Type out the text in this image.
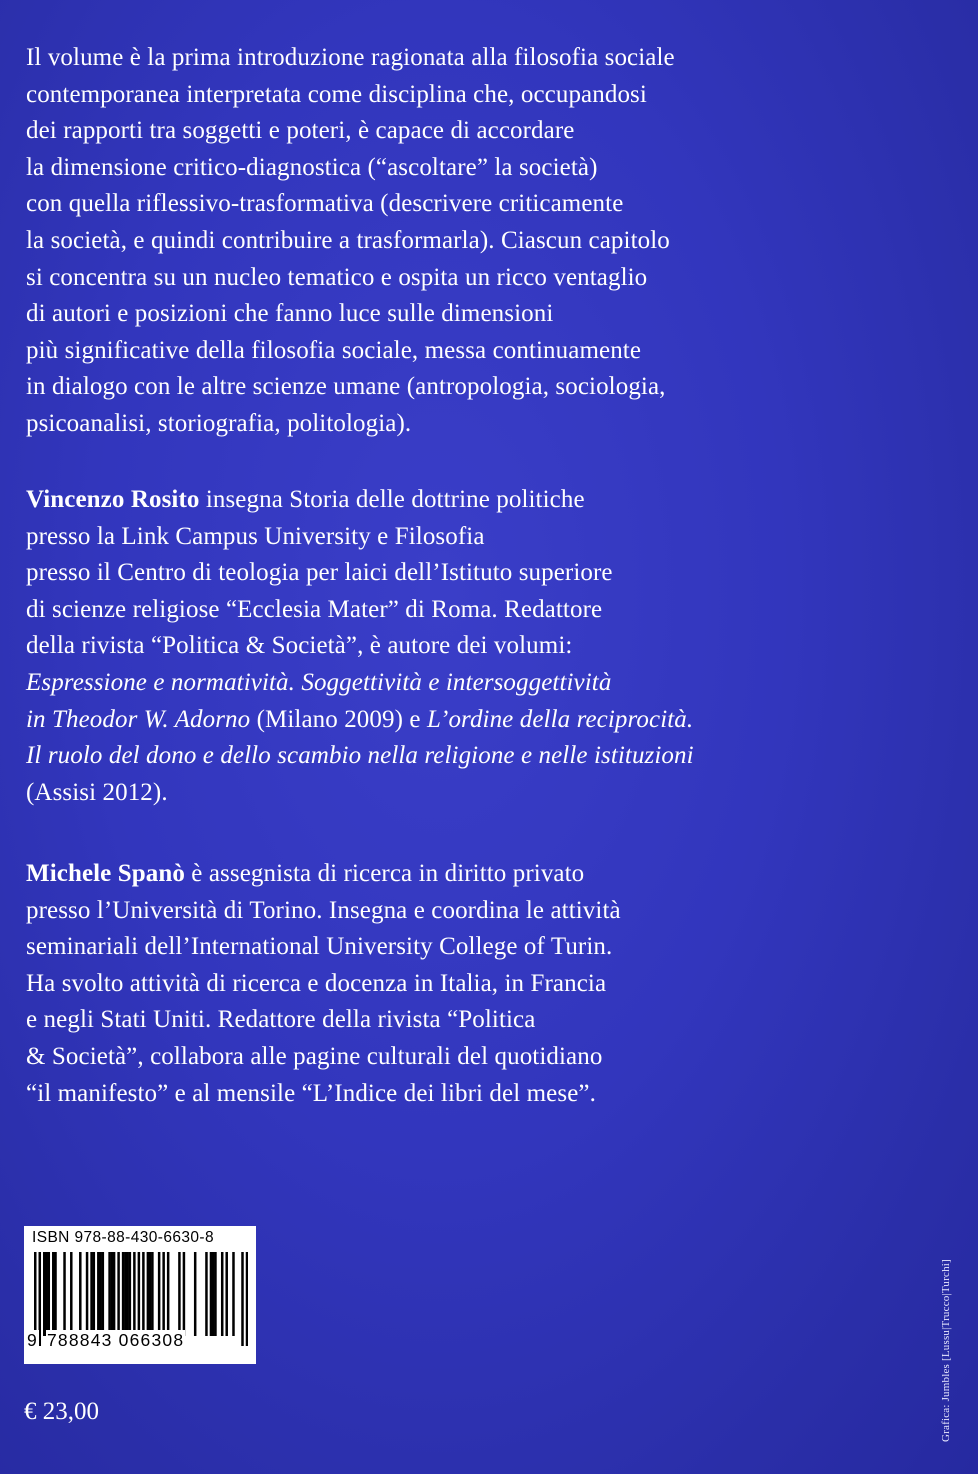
Il volume è la prima introduzione ragionata alla filosofia sociale
contemporanea interpretata come disciplina che, occupandosi
dei rapporti tra soggetti e poteri, è capace di accordare
la dimensione critico-diagnostica (“ascoltare” la società)
con quella riflessivo-trasformativa (descrivere criticamente
la società, e quindi contribuire a trasformarla). Ciascun capitolo
si concentra su un nucleo tematico e ospita un ricco ventaglio
di autori e posizioni che fanno luce sulle dimensioni
più significative della filosofia sociale, messa continuamente
in dialogo con le altre scienze umane (antropologia, sociologia,
psicoanalisi, storiografia, politologia).
Vincenzo Rosito insegna Storia delle dottrine politiche
presso la Link Campus University e Filosofia
presso il Centro di teologia per laici dell’Istituto superiore
di scienze religiose “Ecclesia Mater” di Roma. Redattore
della rivista “Politica & Società”, è autore dei volumi:
Espressione e normatività. Soggettività e intersoggettività
in Theodor W. Adorno (Milano 2009) e L’ordine della reciprocità.
Il ruolo del dono e dello scambio nella religione e nelle istituzioni
(Assisi 2012).
Michele Spanò è assegnista di ricerca in diritto privato
presso l’Università di Torino. Insegna e coordina le attività
seminariali dell’International University College of Turin.
Ha svolto attività di ricerca e docenza in Italia, in Francia
e negli Stati Uniti. Redattore della rivista “Politica
& Società”, collabora alle pagine culturali del quotidiano
“il manifesto” e al mensile “L’Indice dei libri del mese”.
ISBN 978-88-430-6630-8
9 788843 066308
€ 23,00	Grafica: Jumbles [Lussu|Trucco|Turchi]
